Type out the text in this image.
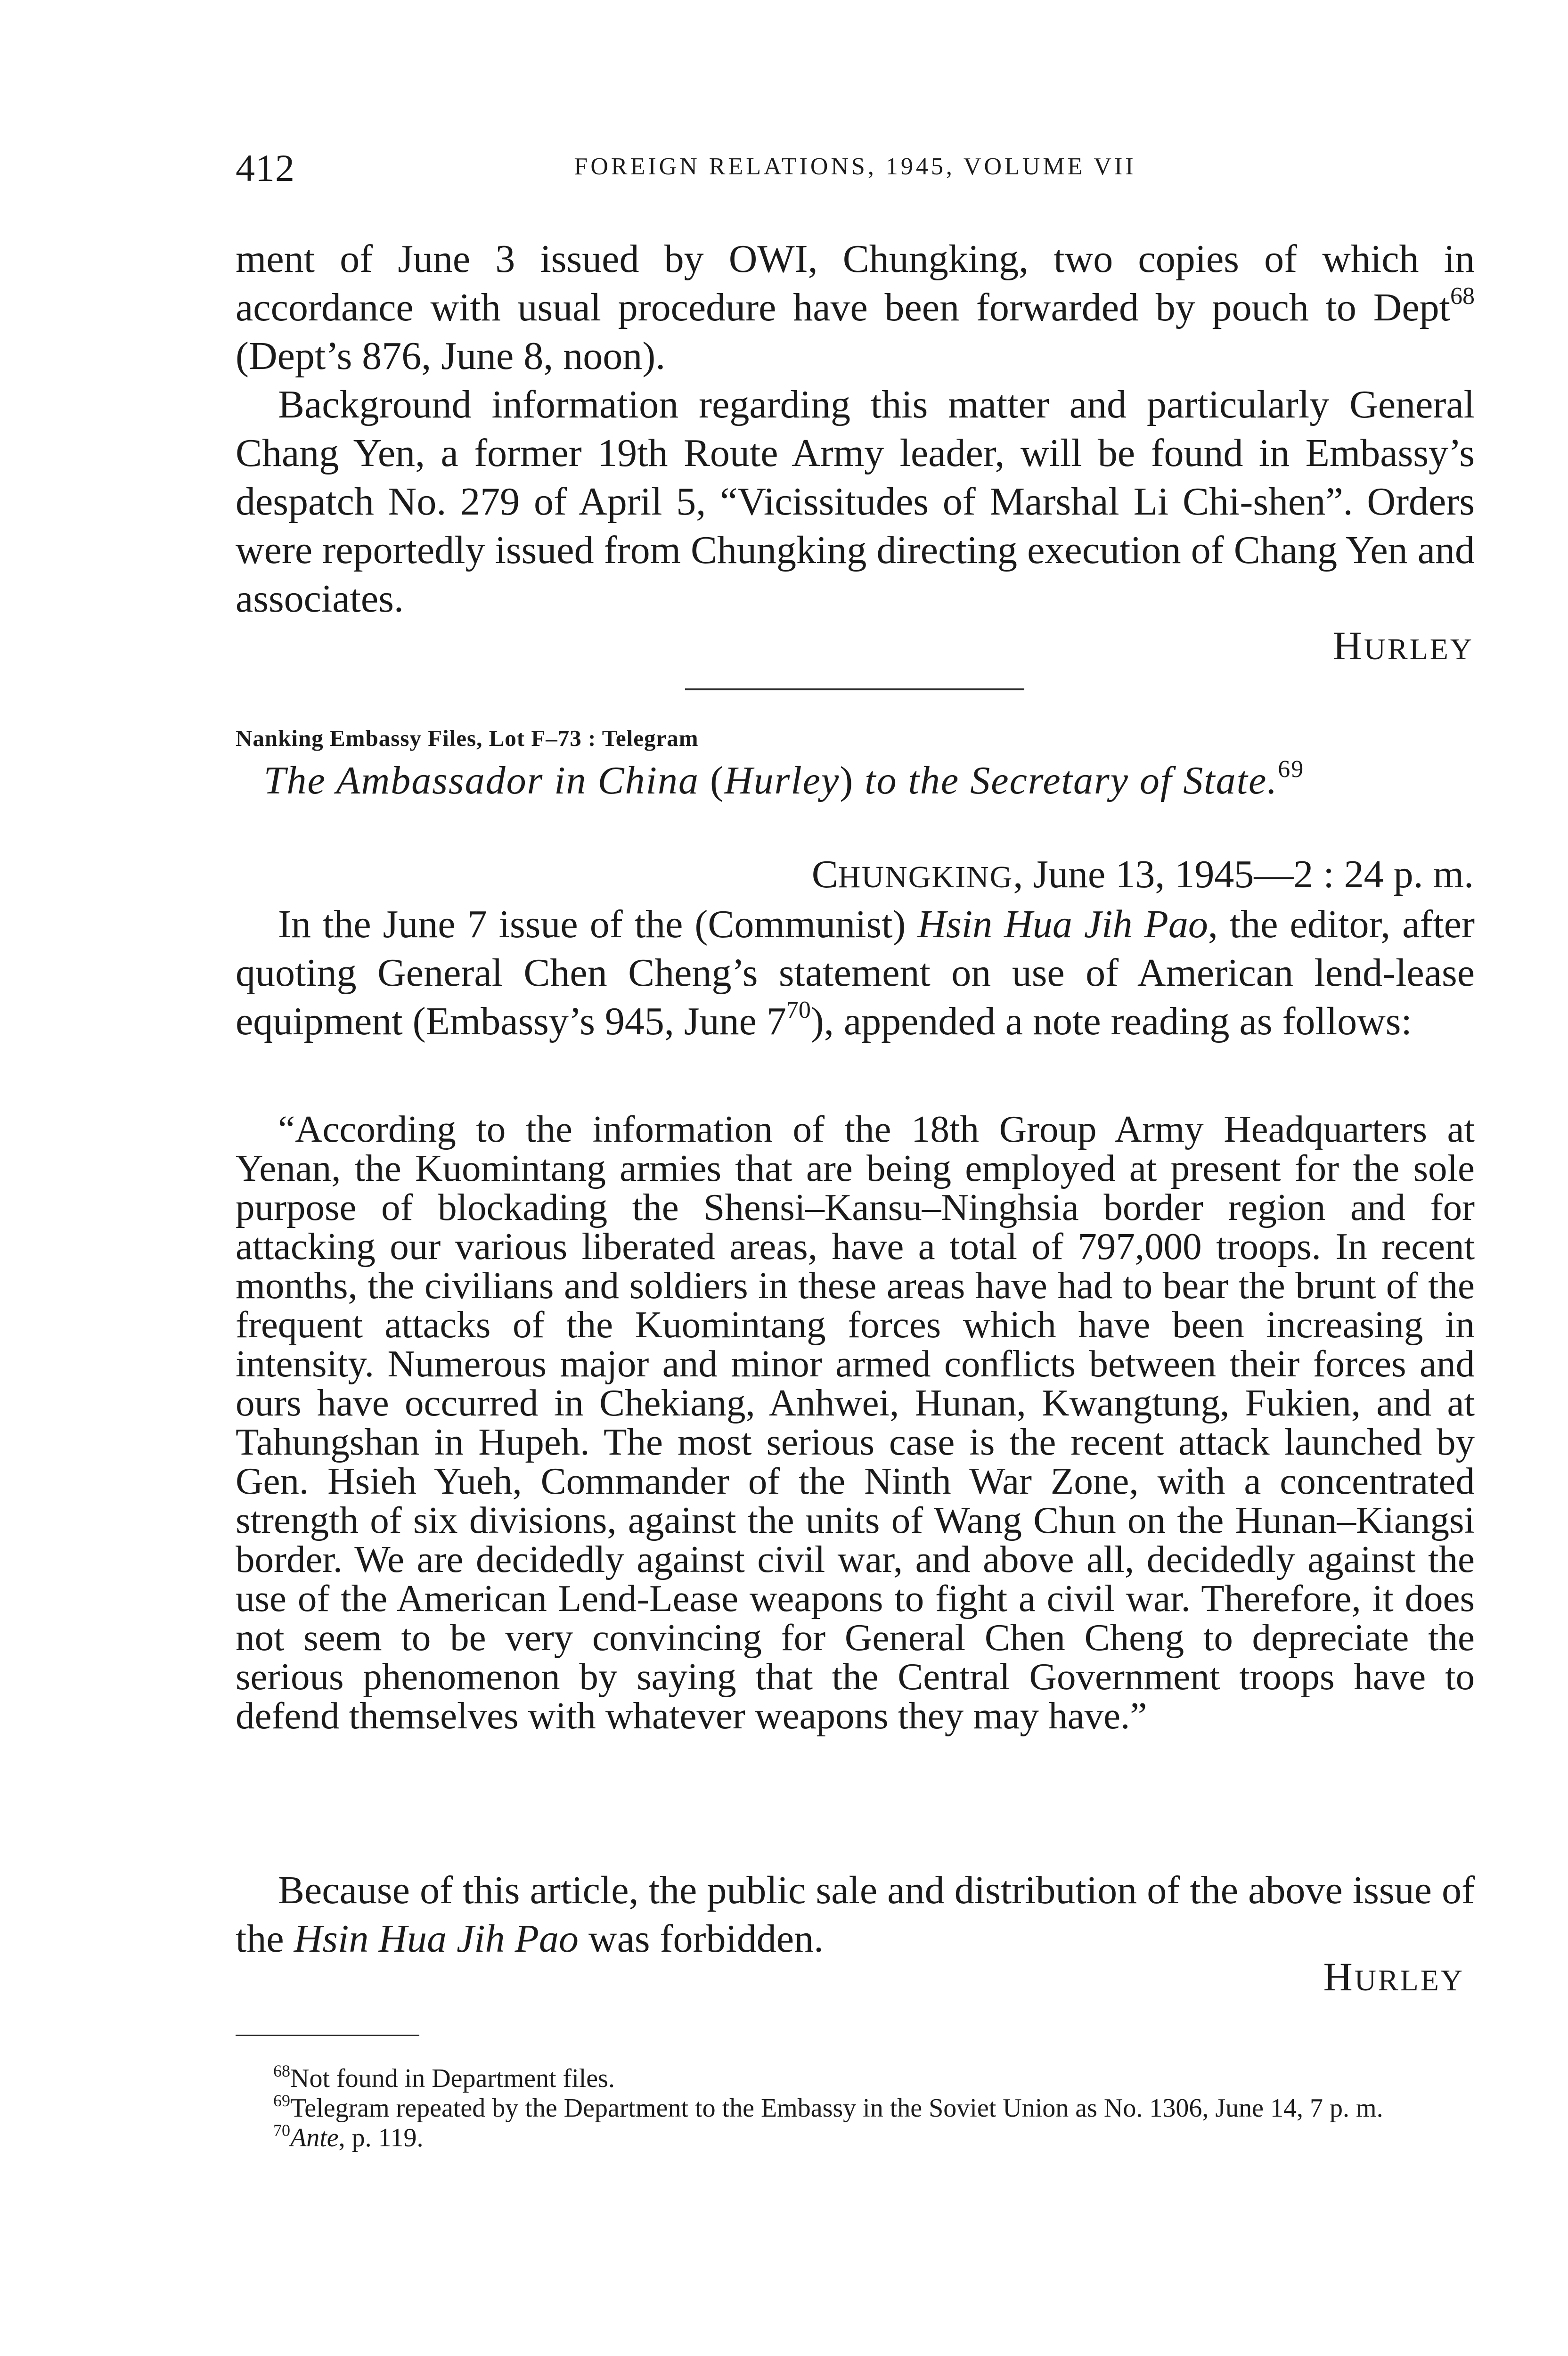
412	FOREIGN RELATIONS, 1945, VOLUME VII

ment of June 3 issued by OWI, Chungking, two copies of which in accordance with usual procedure have been forwarded by pouch to Dept$^{68}$ (Dept’s 876, June 8, noon).

Background information regarding this matter and particularly General Chang Yen, a former 19th Route Army leader, will be found in Embassy’s despatch No. 279 of April 5, “Vicissitudes of Marshal Li Chi-shen”. Orders were reportedly issued from Chungking directing execution of Chang Yen and associates.

HURLEY
Nanking Embassy Files, Lot F–73 : Telegram
The Ambassador in China (Hurley) to the Secretary of State.$^{69}$
CHUNGKING, June 13, 1945—2 : 24 p. m.

In the June 7 issue of the (Communist) Hsin Hua Jih Pao, the editor, after quoting General Chen Cheng’s statement on use of American lend-lease equipment (Embassy’s 945, June $7^{70}$), appended a note reading as follows:

“According to the information of the 18th Group Army Headquarters at Yenan, the Kuomintang armies that are being employed at present for the sole purpose of blockading the Shensi–Kansu–Ninghsia border region and for attacking our various liberated areas, have a total of 797,000 troops. In recent months, the civilians and soldiers in these areas have had to bear the brunt of the frequent attacks of the Kuomintang forces which have been increasing in intensity. Numerous major and minor armed conflicts between their forces and ours have occurred in Chekiang, Anhwei, Hunan, Kwangtung, Fukien, and at Tahungshan in Hupeh. The most serious case is the recent attack launched by Gen. Hsieh Yueh, Commander of the Ninth War Zone, with a concentrated strength of six divisions, against the units of Wang Chun on the Hunan–Kiangsi border. We are decidedly against civil war, and above all, decidedly against the use of the American Lend-Lease weapons to fight a civil war. Therefore, it does not seem to be very convincing for General Chen Cheng to depreciate the serious phenomenon by saying that the Central Government troops have to defend themselves with whatever weapons they may have.”

Because of this article, the public sale and distribution of the above issue of the Hsin Hua Jih Pao was forbidden.

HURLEY

$^{68}$Not found in Department files.

$^{69}$Telegram repeated by the Department to the Embassy in the Soviet Union as No. 1306, June 14, 7 p. m.

$^{70}$Ante, p. 119.
